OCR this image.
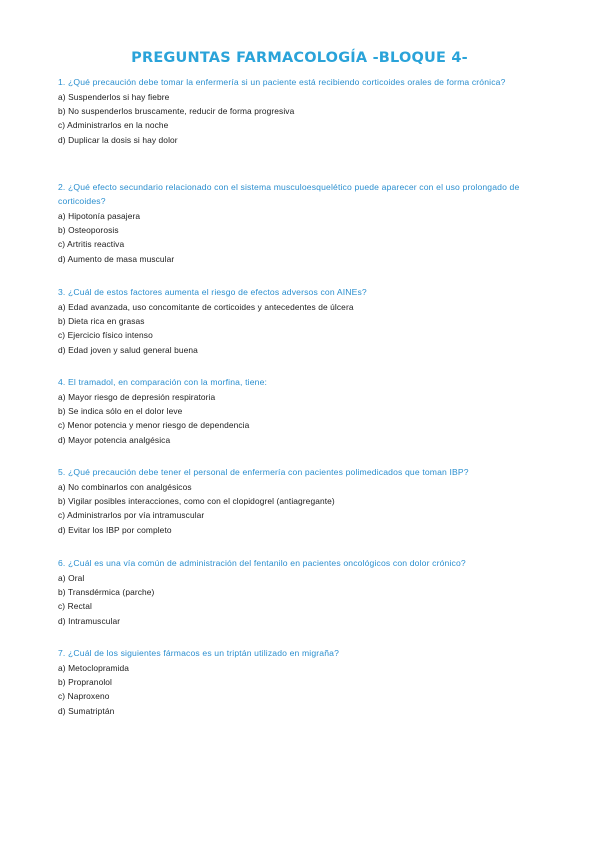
PREGUNTAS FARMACOLOGÍA -BLOQUE 4-
1. ¿Qué precaución debe tomar la enfermería si un paciente está recibiendo corticoides orales de forma crónica?
a) Suspenderlos si hay fiebre
b) No suspenderlos bruscamente, reducir de forma progresiva
c) Administrarlos en la noche
d) Duplicar la dosis si hay dolor
2. ¿Qué efecto secundario relacionado con el sistema musculoesquelético puede aparecer con el uso prolongado de corticoides?
a) Hipotonía pasajera
b) Osteoporosis
c) Artritis reactiva
d) Aumento de masa muscular
3. ¿Cuál de estos factores aumenta el riesgo de efectos adversos con AINEs?
a) Edad avanzada, uso concomitante de corticoides y antecedentes de úlcera
b) Dieta rica en grasas
c) Ejercicio físico intenso
d) Edad joven y salud general buena
4. El tramadol, en comparación con la morfina, tiene:
a) Mayor riesgo de depresión respiratoria
b) Se indica sólo en el dolor leve
c) Menor potencia y menor riesgo de dependencia
d) Mayor potencia analgésica
5. ¿Qué precaución debe tener el personal de enfermería con pacientes polimedicados que toman IBP?
a) No combinarlos con analgésicos
b) Vigilar posibles interacciones, como con el clopidogrel (antiagregante)
c) Administrarlos por vía intramuscular
d) Evitar los IBP por completo
6. ¿Cuál es una vía común de administración del fentanilo en pacientes oncológicos con dolor crónico?
a) Oral
b) Transdérmica (parche)
c) Rectal
d) Intramuscular
7. ¿Cuál de los siguientes fármacos es un triptán utilizado en migraña?
a) Metoclopramida
b) Propranolol
c) Naproxeno
d) Sumatriptán
